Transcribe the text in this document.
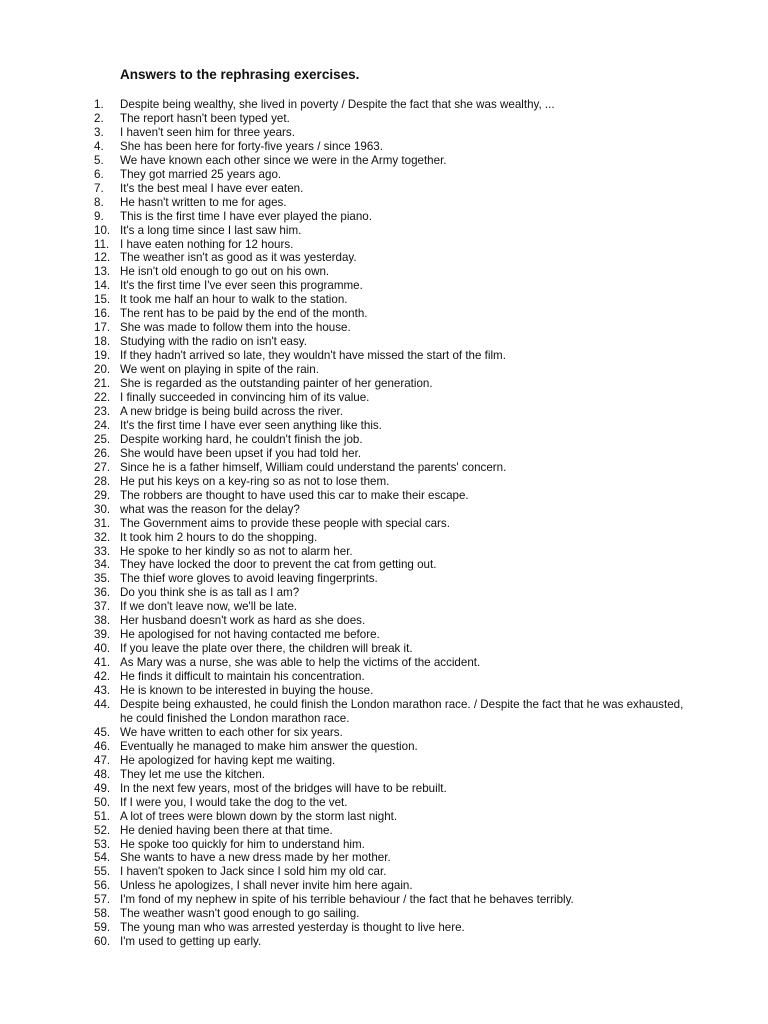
Answers to the rephrasing exercises.
1.	Despite being wealthy, she lived in poverty / Despite the fact that she was wealthy, ...
2.	The report hasn't been typed yet.
3.	I haven't seen him for three years.
4.	She has been here for forty-five years / since 1963.
5.	We have known each other since we were in the Army together.
6.	They got married 25 years ago.
7.	It's the best meal I have ever eaten.
8.	He hasn't written to me for ages.
9.	This is the first time I have ever played the piano.
10. It's a long time since I last saw him.
11. I have eaten nothing for 12 hours.
12. The weather isn't as good as it was yesterday.
13. He isn't old enough to go out on his own.
14. It's the first time I've ever seen this programme.
15. It took me half an hour to walk to the station.
16. The rent has to be paid by the end of the month.
17. She was made to follow them into the house.
18. Studying with the radio on isn't easy.
19. If they hadn't arrived so late, they wouldn't have missed the start of the film.
20. We went on playing in spite of the rain.
21. She is regarded as the outstanding painter of her generation.
22. I finally succeeded in convincing him of its value.
23. A new bridge is being build across the river.
24. It's the first time I have ever seen anything like this.
25. Despite working hard, he couldn't finish the job.
26. She would have been upset if you had told her.
27. Since he is a father himself, William could understand the parents' concern.
28. He put his keys on a key-ring so as not to lose them.
29. The robbers are thought to have used this car to make their escape.
30. what was the reason for the delay?
31. The Government aims to provide these people with special cars.
32. It took him 2 hours to do the shopping.
33. He spoke to her kindly so as not to alarm her.
34. They have locked the door to prevent the cat from getting out.
35. The thief wore gloves to avoid leaving fingerprints.
36. Do you think she is as tall as I am?
37. If we don't leave now, we'll be late.
38. Her husband doesn't work as hard as she does.
39. He apologised for not having contacted me before.
40. If you leave the plate over there, the children will break it.
41. As Mary was a nurse, she was able to help the victims of the accident.
42. He finds it difficult to maintain his concentration.
43. He is known to be interested in buying the house.
44. Despite being exhausted, he could finish the London marathon race. / Despite the fact that he was exhausted, he could finished the London marathon race.
45. We have written to each other for six years.
46. Eventually he managed to make him answer the question.
47. He apologized for having kept me waiting.
48. They let me use the kitchen.
49. In the next few years, most of the bridges will have to be rebuilt.
50. If I were you, I would take the dog to the vet.
51. A lot of trees were blown down by the storm last night.
52. He denied having been there at that time.
53. He spoke too quickly for him to understand him.
54. She wants to have a new dress made by her mother.
55. I haven't spoken to Jack since I sold him my old car.
56. Unless he apologizes, I shall never invite him here again.
57. I'm fond of my nephew in spite of his terrible behaviour / the fact that he behaves terribly.
58. The weather wasn't good enough to go sailing.
59. The young man who was arrested yesterday is thought to live here.
60. I'm used to getting up early.
